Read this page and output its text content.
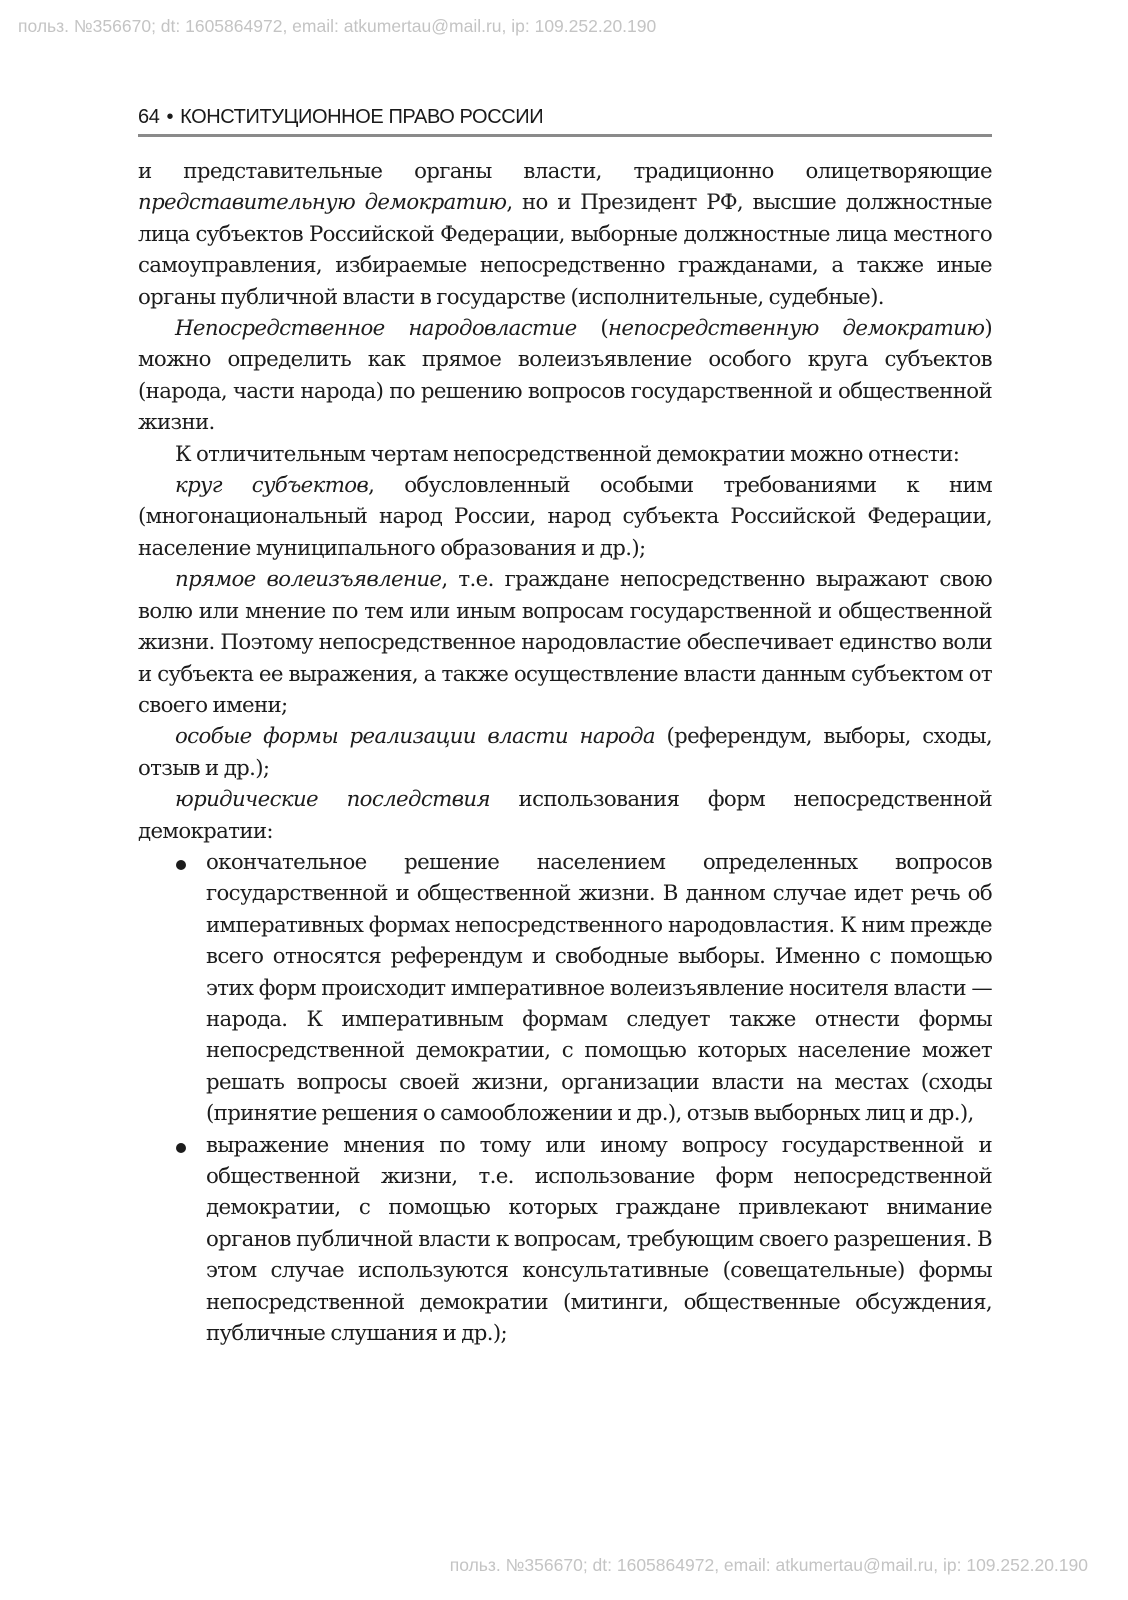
польз. №356670; dt: 1605864972, email: atkumertau@mail.ru, ip: 109.252.20.190
64 • КОНСТИТУЦИОННОЕ ПРАВО РОССИИ

и представительные органы власти, традиционно олицетворяющие представительную демократию, но и Президент РФ, высшие должностные лица субъектов Российской Федерации, выборные должностные лица местного самоуправления, избираемые непосредственно гражданами, а также иные органы публичной власти в государстве (исполнительные, судебные).

Непосредственное народовластие (непосредственную демократию) можно определить как прямое волеизъявление особого круга субъектов (народа, части народа) по решению вопросов государственной и общественной жизни.

К отличительным чертам непосредственной демократии можно отнести:

круг субъектов, обусловленный особыми требованиями к ним (многонациональный народ России, народ субъекта Российской Федерации, население муниципального образования и др.);

прямое волеизъявление, т.е. граждане непосредственно выражают свою волю или мнение по тем или иным вопросам государственной и общественной жизни. Поэтому непосредственное народовластие обеспечивает единство воли и субъекта ее выражения, а также осуществление власти данным субъектом от своего имени;

особые формы реализации власти народа (референдум, выборы, сходы, отзыв и др.);

юридические последствия использования форм непосредственной демократии:

окончательное решение населением определенных вопросов государственной и общественной жизни. В данном случае идет речь об императивных формах непосредственного народовластия. К ним прежде всего относятся референдум и свободные выборы. Именно с помощью этих форм происходит императивное волеизъявление носителя власти — народа. К императивным формам следует также отнести формы непосредственной демократии, с помощью которых население может решать вопросы своей жизни, организации власти на местах (сходы (принятие решения о самообложении и др.), отзыв выборных лиц и др.),
выражение мнения по тому или иному вопросу государственной и общественной жизни, т.е. использование форм непосредственной демократии, с помощью которых граждане привлекают внимание органов публичной власти к вопросам, требующим своего разрешения. В этом случае используются консультативные (совещательные) формы непосредственной демократии (митинги, общественные обсуждения, публичные слушания и др.);
польз. №356670; dt: 1605864972, email: atkumertau@mail.ru, ip: 109.252.20.190
